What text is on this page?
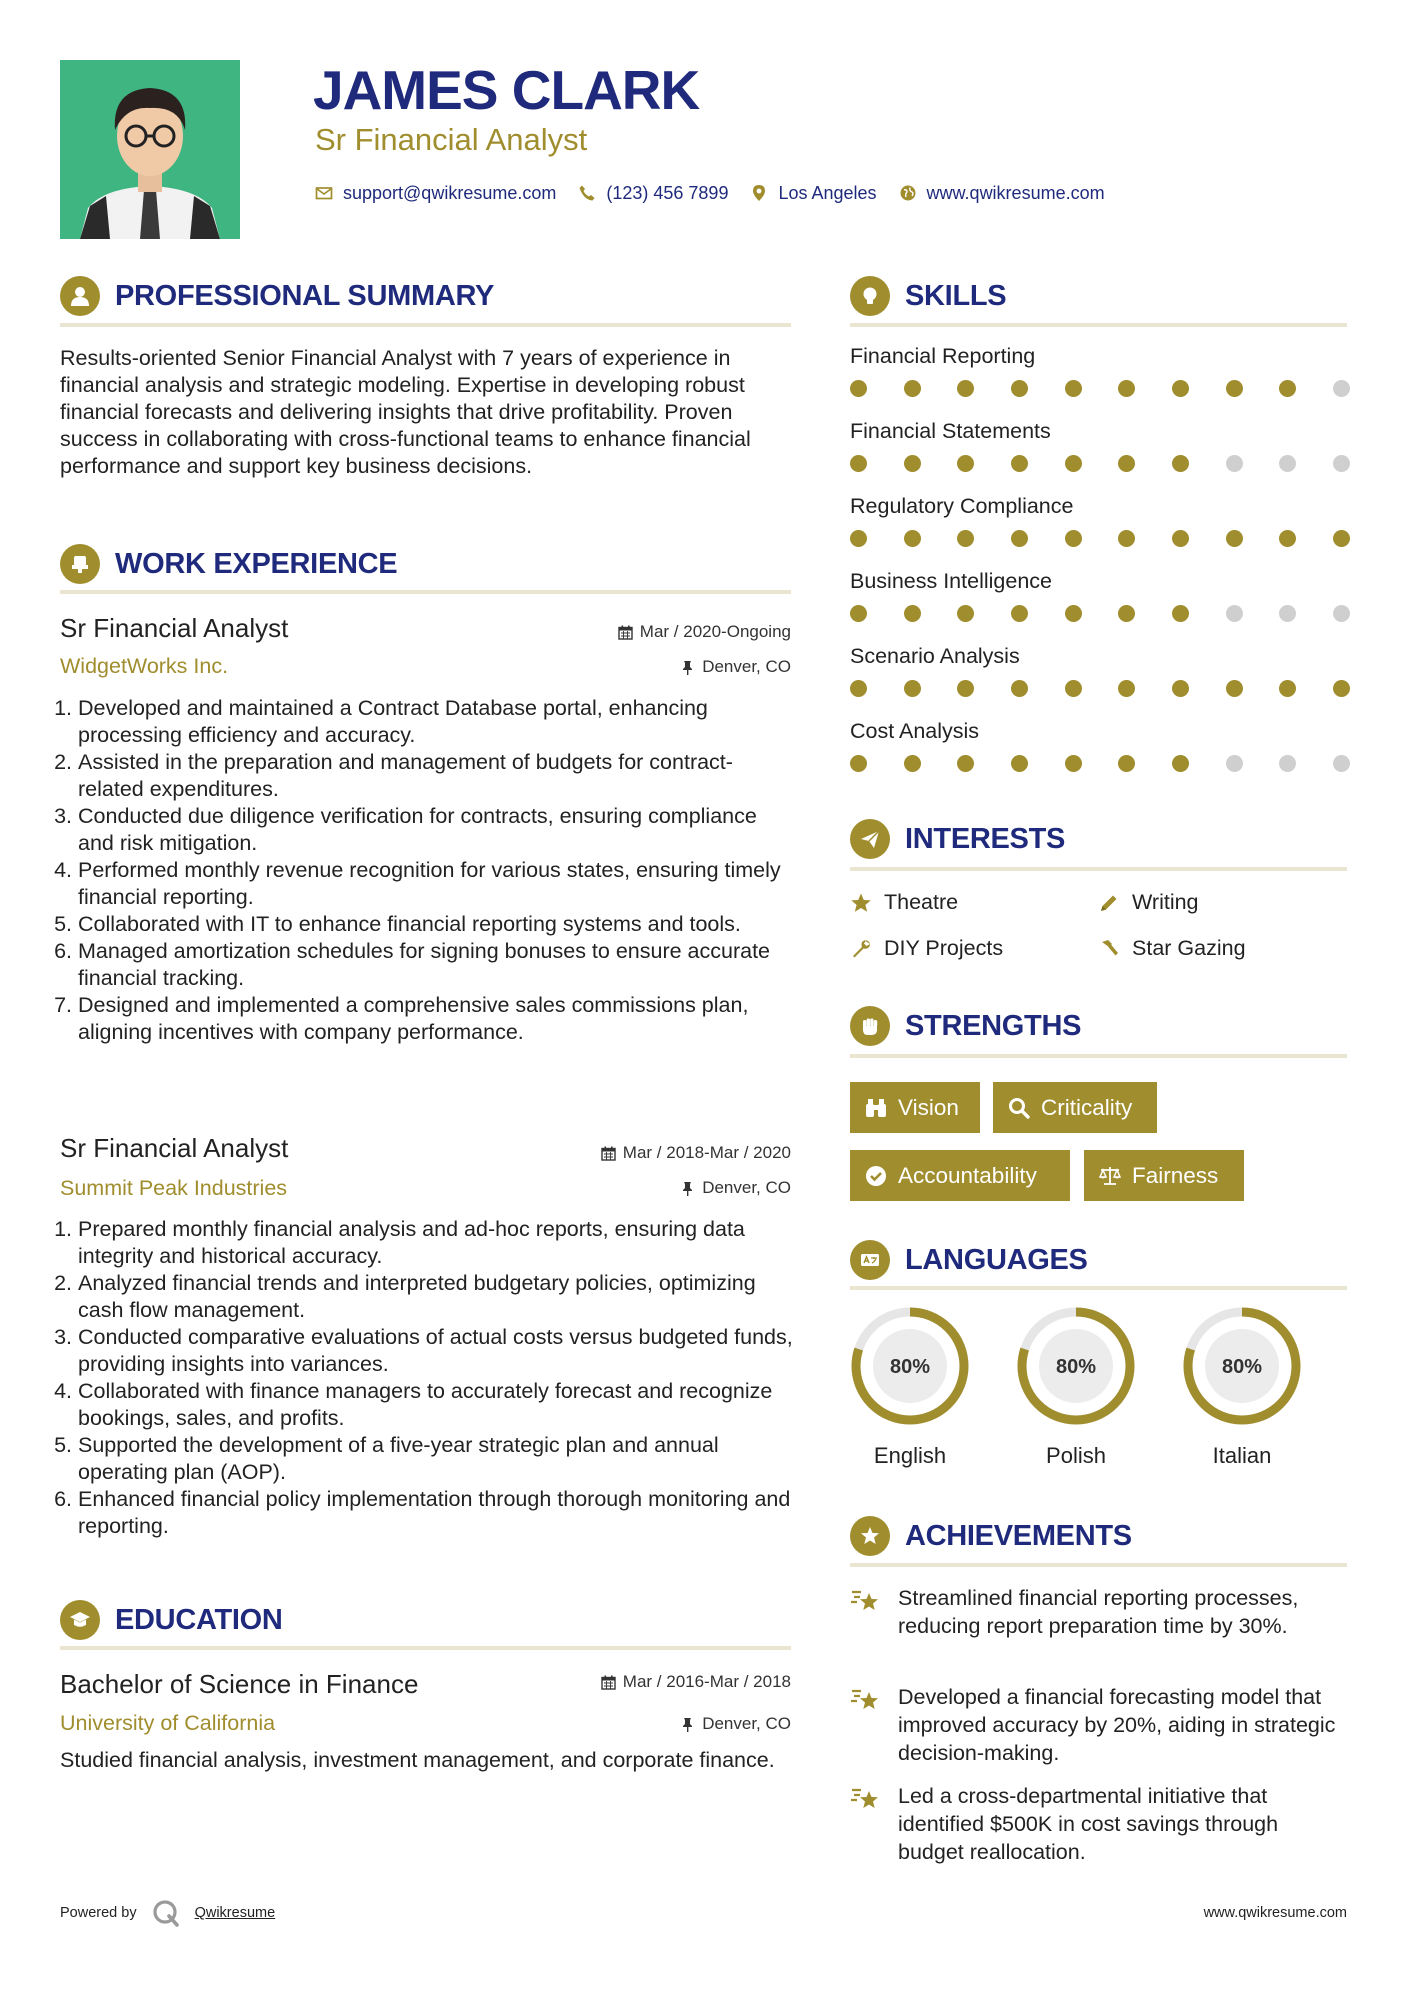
JAMES CLARK
Sr Financial Analyst
support@qwikresume.com	(123) 456 7899	Los Angeles	www.qwikresume.com
PROFESSIONAL SUMMARY
Results-oriented Senior Financial Analyst with 7 years of experience in financial analysis and strategic modeling. Expertise in developing robust financial forecasts and delivering insights that drive profitability. Proven success in collaborating with cross-functional teams to enhance financial performance and support key business decisions.
WORK EXPERIENCE
Sr Financial Analyst	Mar / 2020-Ongoing
WidgetWorks Inc.	Denver, CO
1. Developed and maintained a Contract Database portal, enhancing processing efficiency and accuracy.
2. Assisted in the preparation and management of budgets for contract-related expenditures.
3. Conducted due diligence verification for contracts, ensuring compliance and risk mitigation.
4. Performed monthly revenue recognition for various states, ensuring timely financial reporting.
5. Collaborated with IT to enhance financial reporting systems and tools.
6. Managed amortization schedules for signing bonuses to ensure accurate financial tracking.
7. Designed and implemented a comprehensive sales commissions plan, aligning incentives with company performance.
Sr Financial Analyst	Mar / 2018-Mar / 2020
Summit Peak Industries	Denver, CO
1. Prepared monthly financial analysis and ad-hoc reports, ensuring data integrity and historical accuracy.
2. Analyzed financial trends and interpreted budgetary policies, optimizing cash flow management.
3. Conducted comparative evaluations of actual costs versus budgeted funds, providing insights into variances.
4. Collaborated with finance managers to accurately forecast and recognize bookings, sales, and profits.
5. Supported the development of a five-year strategic plan and annual operating plan (AOP).
6. Enhanced financial policy implementation through thorough monitoring and reporting.
EDUCATION
Bachelor of Science in Finance	Mar / 2016-Mar / 2018
University of California	Denver, CO
Studied financial analysis, investment management, and corporate finance.
SKILLS
Financial Reporting
Financial Statements
Regulatory Compliance
Business Intelligence
Scenario Analysis
Cost Analysis
INTERESTS
Theatre	Writing
DIY Projects	Star Gazing
STRENGTHS
Vision	Criticality
Accountability	Fairness
LANGUAGES
80%
English
80%
Polish
80%
Italian
ACHIEVEMENTS
Streamlined financial reporting processes, reducing report preparation time by 30%.
Developed a financial forecasting model that improved accuracy by 20%, aiding in strategic decision-making.
Led a cross-departmental initiative that identified $500K in cost savings through budget reallocation.
Powered by	Qwikresume	www.qwikresume.com
